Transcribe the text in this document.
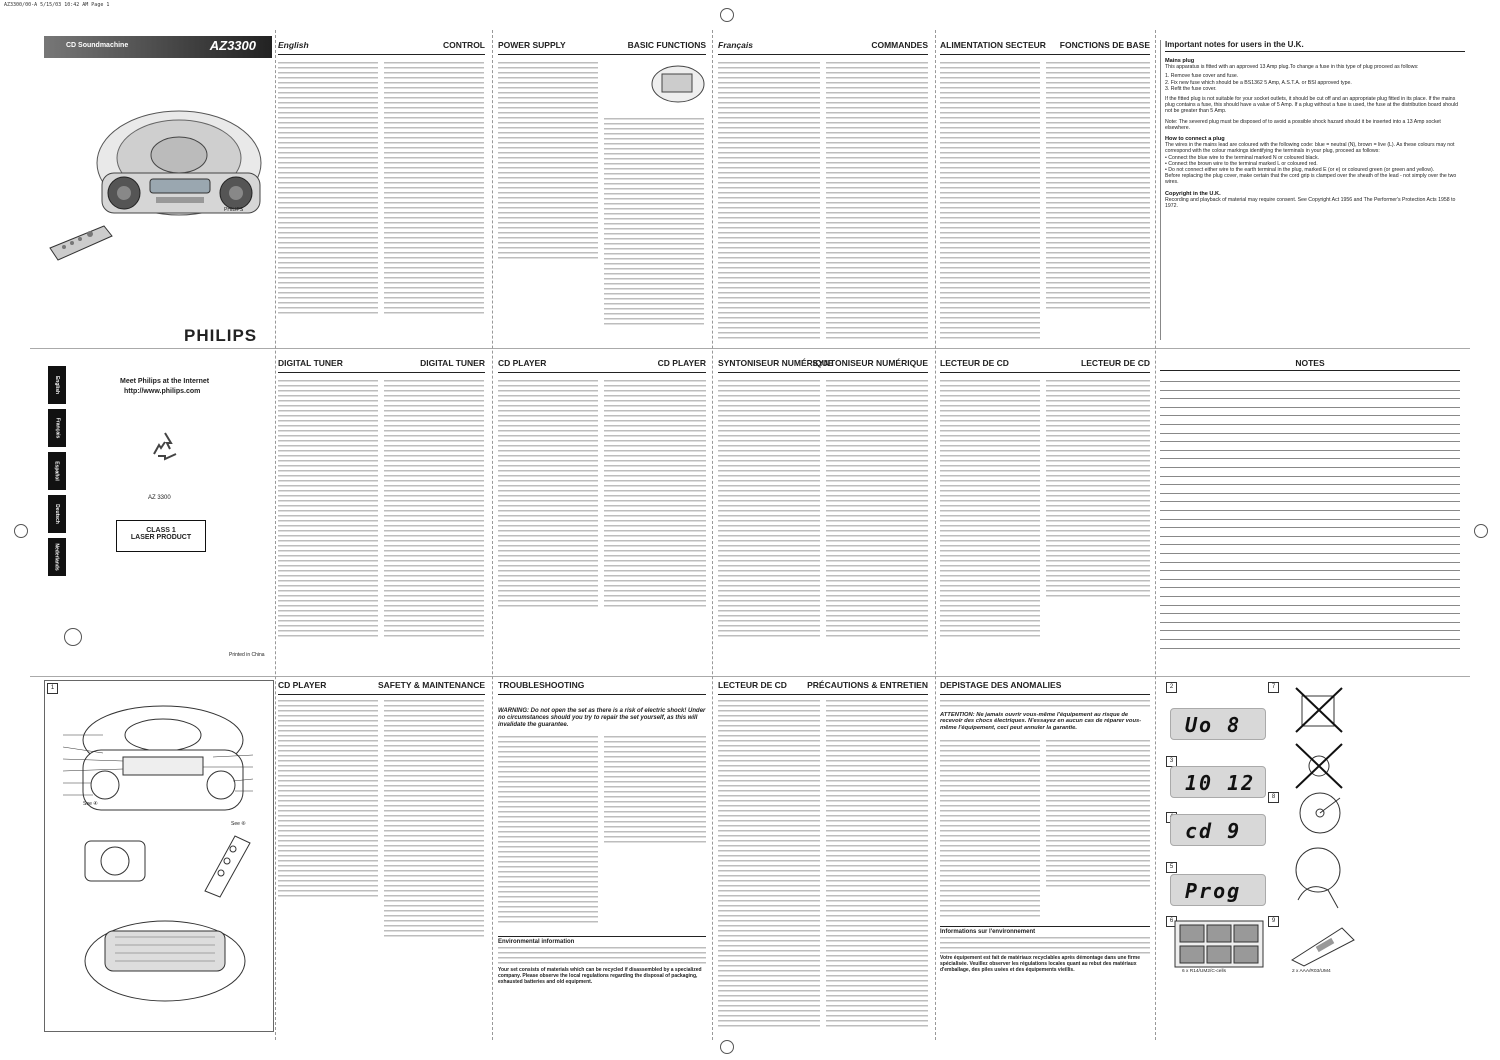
AZ3300/00-A 5/15/03 10:42 AM Page 1
CD Soundmachine	AZ3300
PHILIPS
PHILIPS
Meet Philips at the Internet
http://www.philips.com
AZ 3300
CLASS 1
LASER PRODUCT
Printed in China
English
Français
Español
Deutsch
Nederlands
English	CONTROL POWER SUPPLY	BASIC FUNCTIONS Français	COMMANDES ALIMENTATION SECTEUR FONCTIONS DE BASE Important notes for users in the U.K.
Mains plug
This apparatus is fitted with an approved 13 Amp plug.To change a fuse in this type of plug proceed as follows:
1. Remove fuse cover and fuse.
2. Fix new fuse which should be a BS1362 5 Amp, A.S.T.A. or BSI approved type.
3. Refit the fuse cover.
If the fitted plug is not suitable for your socket outlets, it should be cut off and an appropriate plug fitted in its place. If the mains plug contains a fuse, this should have a value of 5 Amp. If a plug without a fuse is used, the fuse at the distribution board should not be greater than 5 Amp.
Note: The severed plug must be disposed of to avoid a possible shock hazard should it be inserted into a 13 Amp socket elsewhere.
How to connect a plug
The wires in the mains lead are coloured with the following code: blue = neutral (N), brown = live (L). As these colours may not correspond with the colour markings identifying the terminals in your plug, proceed as follows:
• Connect the blue wire to the terminal marked N or coloured black.
• Connect the brown wire to the terminal marked L or coloured red.
• Do not connect either wire to the earth terminal in the plug, marked E (or e) or coloured green (or green and yellow).
Before replacing the plug cover, make certain that the cord grip is clamped over the sheath of the lead - not simply over the two wires.
Copyright in the U.K.
Recording and playback of material may require consent. See Copyright Act 1956 and The Performer's Protection Acts 1958 to 1972.
DIGITAL TUNER	DIGITAL TUNER CD PLAYER	CD PLAYER SYNTONISEUR NUMÉRIQUE
SYNTONISEUR NUMÉRIQUE LECTEUR DE CD	LECTEUR DE CD	NOTES
1
See ④
See ⑥
CD PLAYER	SAFETY & MAINTENANCE TROUBLESHOOTING
WARNING: Do not open the set as there is a risk of electric shock! Under no circumstances should you try to repair the set yourself, as this will invalidate the guarantee.
Environmental information
Your set consists of materials which can be recycled if disassembled by a specialized company. Please observe the local regulations regarding the disposal of packaging, exhausted batteries and old equipment.
LECTEUR DE CD PRÉCAUTIONS & ENTRETIEN DEPISTAGE DES ANOMALIES
ATTENTION: Ne jamais ouvrir vous-même l'équipement au risque de recevoir des chocs électriques. N'essayez en aucun cas de réparer vous-même l'équipement, ceci peut annuler la garantie.
Informations sur l'environnement
Votre équipement est fait de matériaux recyclables après démontage dans une firme spécialisée. Veuillez observer les régulations locales quant au rebut des matériaux d'emballage, des piles usées et des équipements vieillis.
2
Uo 8
3
10 12
cd 9
5
Prog
6
6 x R14/UM2/C-cells
7
8
9
2 x AAA/R03/UM4
